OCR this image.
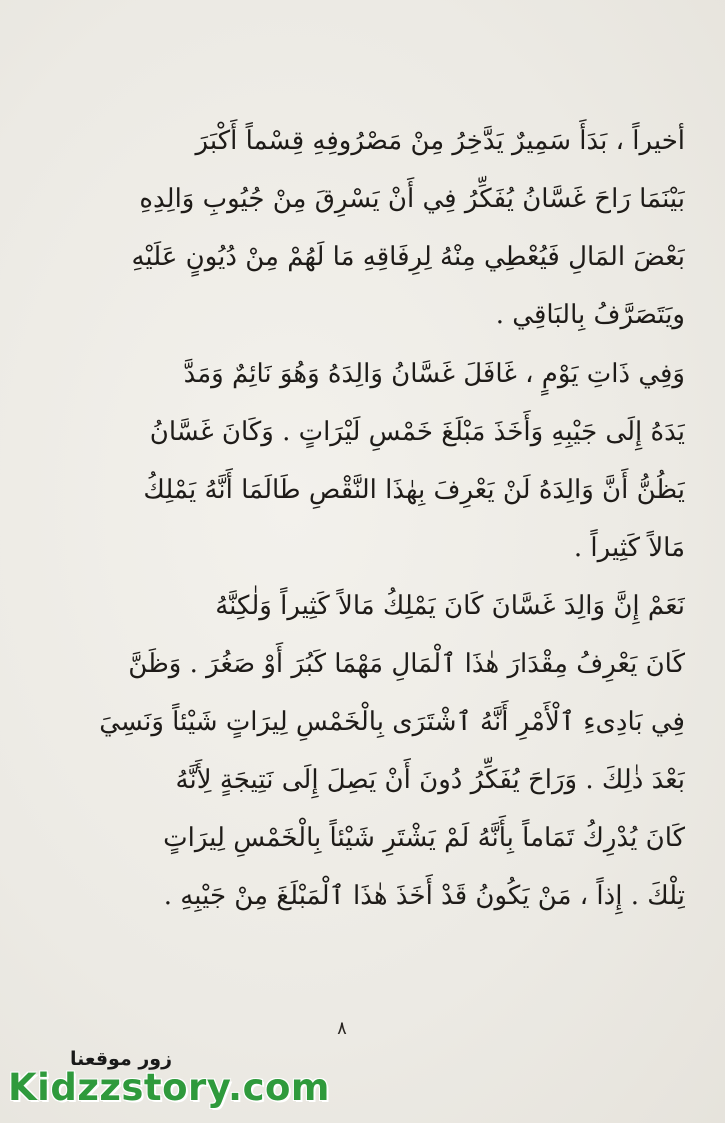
أخيراً ، بَدَأَ سَمِيرٌ يَدَّخِرُ مِنْ مَصْرُوفِهِ قِسْماً أَكْبَرَ
بَيْنَمَا رَاحَ غَسَّانُ يُفَكِّرُ فِي أَنْ يَسْرِقَ مِنْ جُيُوبِ وَالِدِهِ
بَعْضَ المَالِ فَيُعْطِي مِنْهُ لِرِفَاقِهِ مَا لَهُمْ مِنْ دُيُونٍ عَلَيْهِ
ويَتَصَرَّفُ بِالبَاقِي .
وَفِي ذَاتِ يَوْمٍ ، غَافَلَ غَسَّانُ وَالِدَهُ وَهُوَ نَائِمٌ وَمَدَّ
يَدَهُ إِلَى جَيْبِهِ وَأَخَذَ مَبْلَغَ خَمْسِ لَيْرَاتٍ . وَكَانَ غَسَّانُ
يَظُنُّ أَنَّ وَالِدَهُ لَنْ يَعْرِفَ بِهٰذَا النَّقْصِ طَالَمَا أَنَّهُ يَمْلِكُ
مَالاً كَثِيراً .
نَعَمْ إِنَّ وَالِدَ غَسَّانَ كَانَ يَمْلِكُ مَالاً كَثِيراً وَلٰكِنَّهُ
كَانَ يَعْرِفُ مِقْدَارَ هٰذَا ٱلْمَالِ مَهْمَا كَبُرَ أَوْ صَغُرَ . وَظَنَّ
فِي بَادِىءِ ٱلْأَمْرِ أَنَّهُ ٱشْتَرَى بِالْخَمْسِ لِيرَاتٍ شَيْئاً وَنَسِيَ
بَعْدَ ذٰلِكَ . وَرَاحَ يُفَكِّرُ دُونَ أَنْ يَصِلَ إِلَى نَتِيجَةٍ لِأَنَّهُ
كَانَ يُدْرِكُ تَمَاماً بِأَنَّهُ لَمْ يَشْتَرِ شَيْئاً بِالْخَمْسِ لِيرَاتٍ
تِلْكَ . إِذاً ، مَنْ يَكُونُ قَدْ أَخَذَ هٰذَا ٱلْمَبْلَغَ مِنْ جَيْبِهِ .
٨
زور موقعنا
Kidzzstory.com
